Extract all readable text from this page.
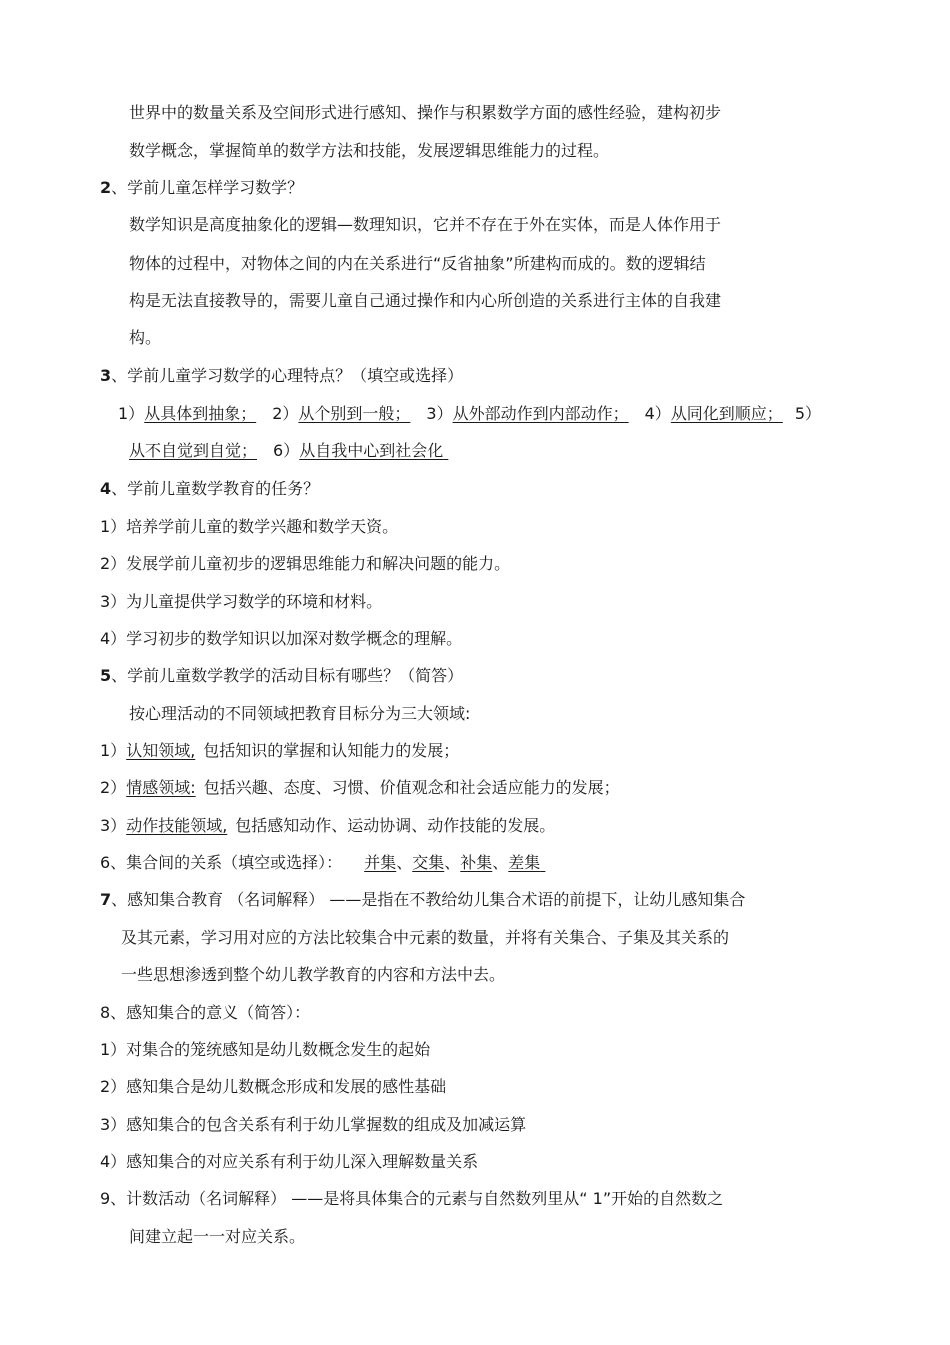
世界中的数量关系及空间形式进行感知、操作与积累数学方面的感性经验，建构初步
数学概念，掌握简单的数学方法和技能，发展逻辑思维能力的过程。
2、学前儿童怎样学习数学？
数学知识是高度抽象化的逻辑—数理知识，它并不存在于外在实体，而是人体作用于
物体的过程中，对物体之间的内在关系进行“反省抽象”所建构而成的。数的逻辑结
构是无法直接教导的，需要儿童自己通过操作和内心所创造的关系进行主体的自我建
构。
3、学前儿童学习数学的心理特点？（填空或选择）
1）从具体到抽象； 2）从个别到一般； 3）从外部动作到内部动作； 4）从同化到顺应； 5）
从不自觉到自觉； 6）从自我中心到社会化
4、学前儿童数学教育的任务？
1）培养学前儿童的数学兴趣和数学天资。
2）发展学前儿童初步的逻辑思维能力和解决问题的能力。
3）为儿童提供学习数学的环境和材料。
4）学习初步的数学知识以加深对数学概念的理解。
5、学前儿童数学教学的活动目标有哪些？（简答）
按心理活动的不同领域把教育目标分为三大领域:
1）认知领域, 包括知识的掌握和认知能力的发展；
2）情感领域: 包括兴趣、态度、习惯、价值观念和社会适应能力的发展；
3）动作技能领域, 包括感知动作、运动协调、动作技能的发展。
6、集合间的关系（填空或选择）： 并集、交集、补集、差集
7、感知集合教育 （名词解释） ——是指在不教给幼儿集合术语的前提下，让幼儿感知集合
及其元素，学习用对应的方法比较集合中元素的数量，并将有关集合、子集及其关系的
一些思想渗透到整个幼儿教学教育的内容和方法中去。
8、感知集合的意义（简答）：
1）对集合的笼统感知是幼儿数概念发生的起始
2）感知集合是幼儿数概念形成和发展的感性基础
3）感知集合的包含关系有利于幼儿掌握数的组成及加减运算
4）感知集合的对应关系有利于幼儿深入理解数量关系
9、计数活动（名词解释） ——是将具体集合的元素与自然数列里从“ 1”开始的自然数之
间建立起一一对应关系。
